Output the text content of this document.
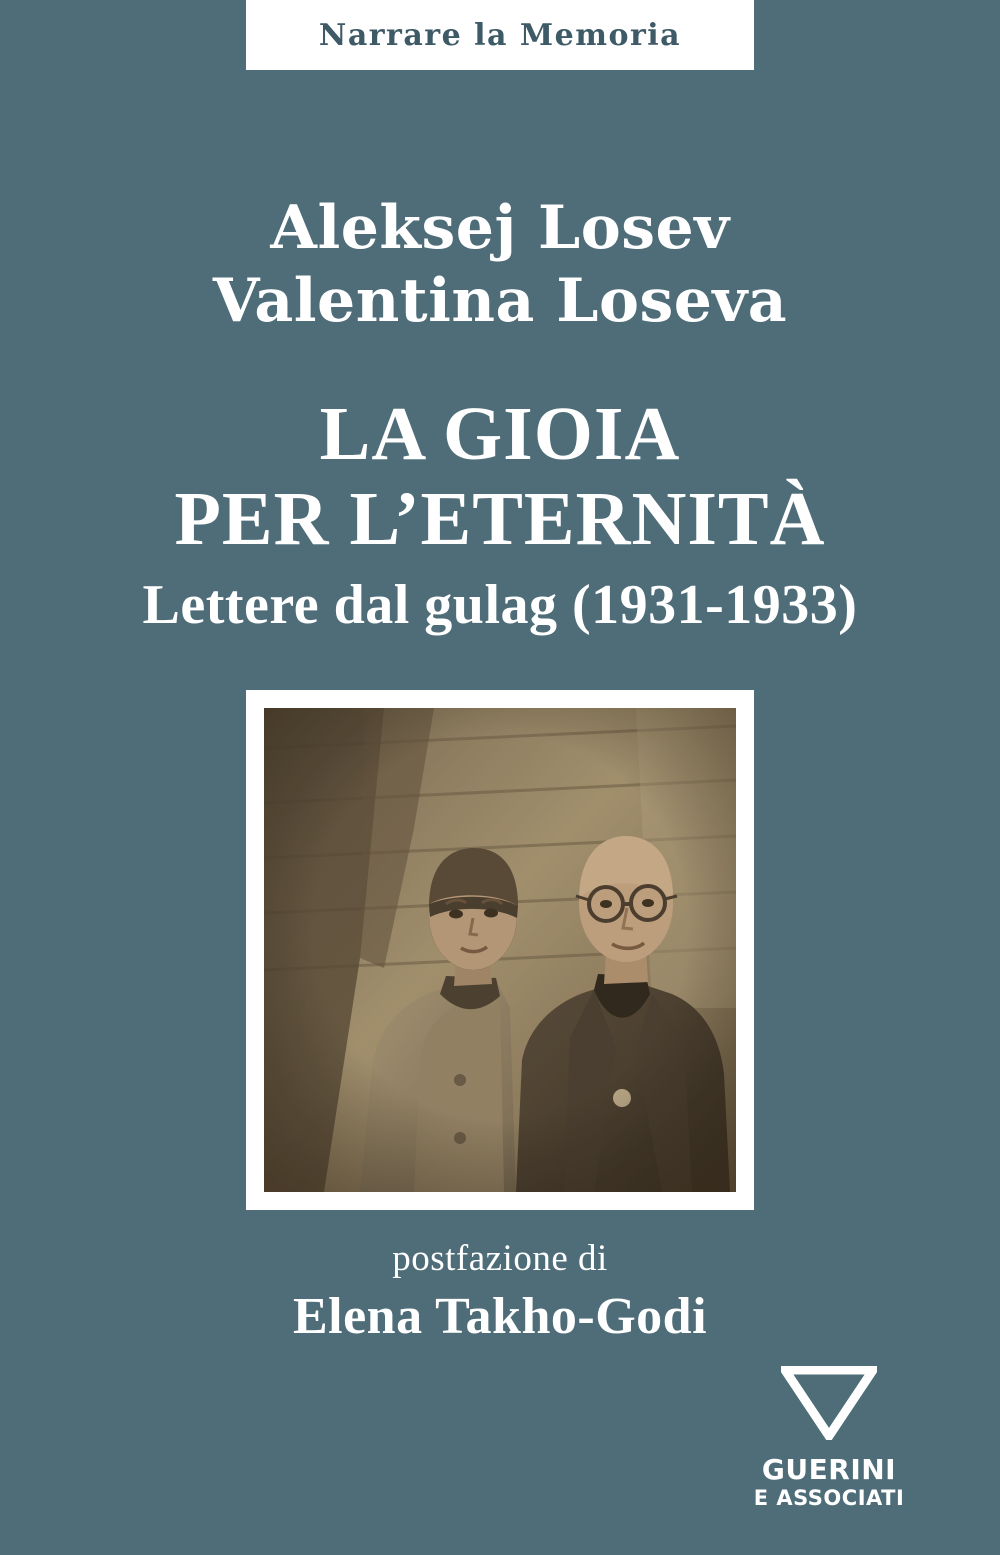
Narrare la Memoria
Aleksej Losev
Valentina Loseva
LA GIOIA
PER L’ETERNITÀ
Lettere dal gulag (1931-1933)
postfazione di
Elena Takho-Godi
GUERINI
E ASSOCIATI
